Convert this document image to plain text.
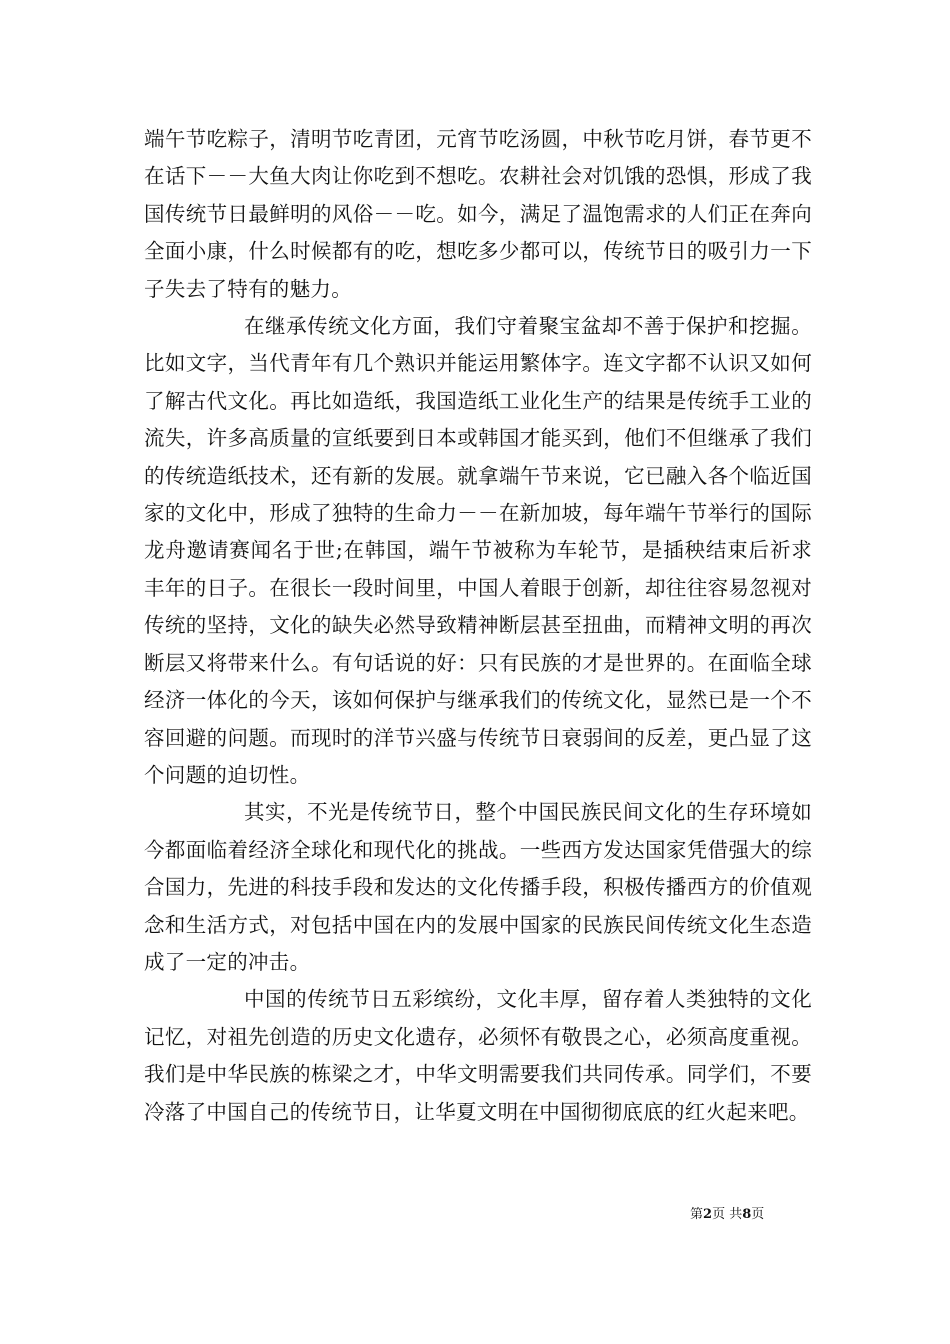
端午节吃粽子，清明节吃青团，元宵节吃汤圆，中秋节吃月饼，春节更不在话下－－大鱼大肉让你吃到不想吃。农耕社会对饥饿的恐惧，形成了我国传统节日最鲜明的风俗－－吃。如今，满足了温饱需求的人们正在奔向全面小康，什么时候都有的吃，想吃多少都可以，传统节日的吸引力一下子失去了特有的魅力。

在继承传统文化方面，我们守着聚宝盆却不善于保护和挖掘。比如文字，当代青年有几个熟识并能运用繁体字。连文字都不认识又如何了解古代文化。再比如造纸，我国造纸工业化生产的结果是传统手工业的流失，许多高质量的宣纸要到日本或韩国才能买到，他们不但继承了我们的传统造纸技术，还有新的发展。就拿端午节来说，它已融入各个临近国家的文化中，形成了独特的生命力－－在新加坡，每年端午节举行的国际龙舟邀请赛闻名于世;在韩国，端午节被称为车轮节，是插秧结束后祈求丰年的日子。在很长一段时间里，中国人着眼于创新，却往往容易忽视对传统的坚持，文化的缺失必然导致精神断层甚至扭曲，而精神文明的再次断层又将带来什么。有句话说的好：只有民族的才是世界的。在面临全球经济一体化的今天，该如何保护与继承我们的传统文化，显然已是一个不容回避的问题。而现时的洋节兴盛与传统节日衰弱间的反差，更凸显了这个问题的迫切性。

其实，不光是传统节日，整个中国民族民间文化的生存环境如今都面临着经济全球化和现代化的挑战。一些西方发达国家凭借强大的综合国力，先进的科技手段和发达的文化传播手段，积极传播西方的价值观念和生活方式，对包括中国在内的发展中国家的民族民间传统文化生态造成了一定的冲击。

中国的传统节日五彩缤纷，文化丰厚，留存着人类独特的文化记忆，对祖先创造的历史文化遗存，必须怀有敬畏之心，必须高度重视。我们是中华民族的栋梁之才，中华文明需要我们共同传承。同学们，不要冷落了中国自己的传统节日，让华夏文明在中国彻彻底底的红火起来吧。

第2页 共8页
